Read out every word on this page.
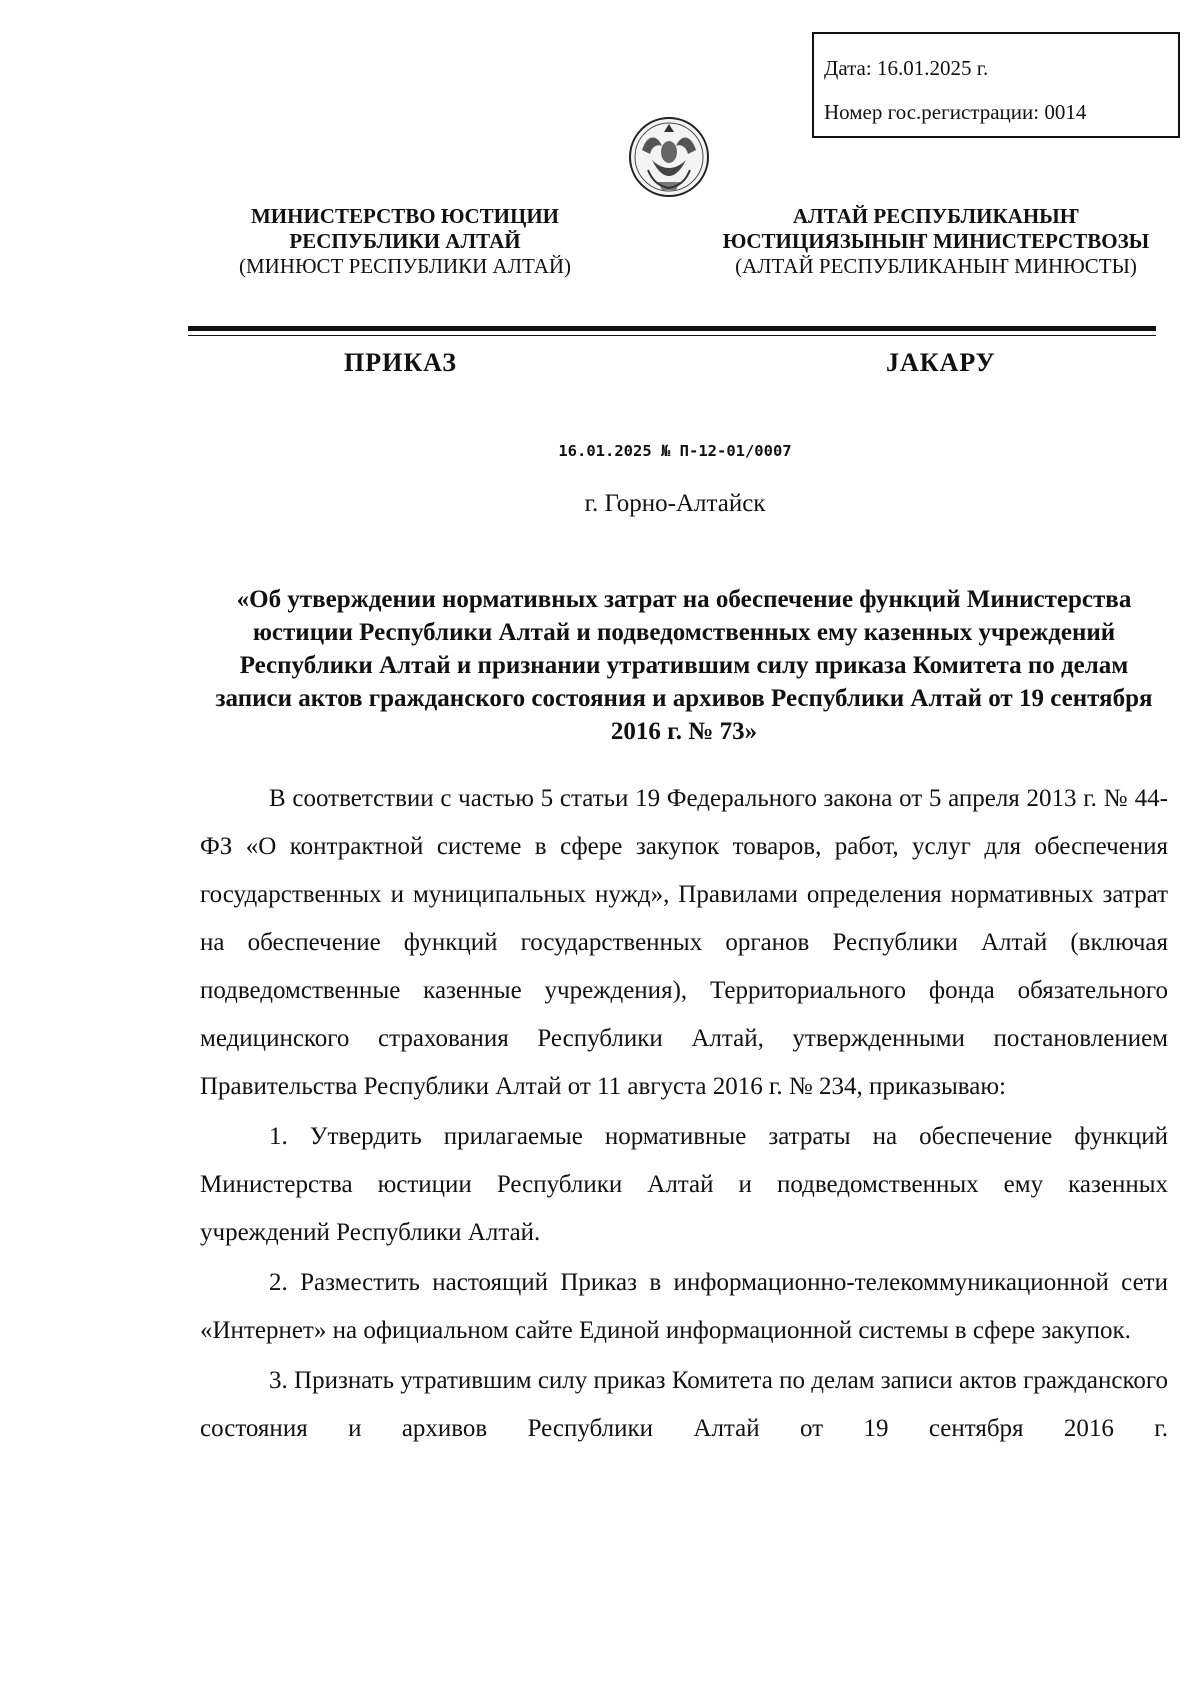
Дата: 16.01.2025 г.
Номер гос.регистрации: 0014
МИНИСТЕРСТВО ЮСТИЦИИ
РЕСПУБЛИКИ АЛТАЙ
(МИНЮСТ РЕСПУБЛИКИ АЛТАЙ)
АЛТАЙ РЕСПУБЛИКАНЫҤ
ЮСТИЦИЯЗЫНЫҤ МИНИСТЕРСТВОЗЫ
(АЛТАЙ РЕСПУБЛИКАНЫҤ МИНЮСТЫ)
ПРИКАЗ	JАКАРУ
16.01.2025 № П-12-01/0007
г. Горно-Алтайск
«Об утверждении нормативных затрат на обеспечение функций Министерства юстиции Республики Алтай и подведомственных ему казенных учреждений Республики Алтай и признании утратившим силу приказа Комитета по делам записи актов гражданского состояния и архивов Республики Алтай от 19 сентября 2016 г. № 73»

В соответствии с частью 5 статьи 19 Федерального закона от 5 апреля 2013 г. № 44-ФЗ «О контрактной системе в сфере закупок товаров, работ, услуг для обеспечения государственных и муниципальных нужд», Правилами определения нормативных затрат на обеспечение функций государственных органов Республики Алтай (включая подведомственные казенные учреждения), Территориального фонда обязательного медицинского страхования Республики Алтай, утвержденными постановлением Правительства Республики Алтай от 11 августа 2016 г. № 234, приказываю:

1. Утвердить прилагаемые нормативные затраты на обеспечение функций Министерства юстиции Республики Алтай и подведомственных ему казенных учреждений Республики Алтай.

2. Разместить настоящий Приказ в информационно-телекоммуникационной сети «Интернет» на официальном сайте Единой информационной системы в сфере закупок.

3. Признать утратившим силу приказ Комитета по делам записи актов гражданского состояния и архивов Республики Алтай от 19 сентября 2016 г.
